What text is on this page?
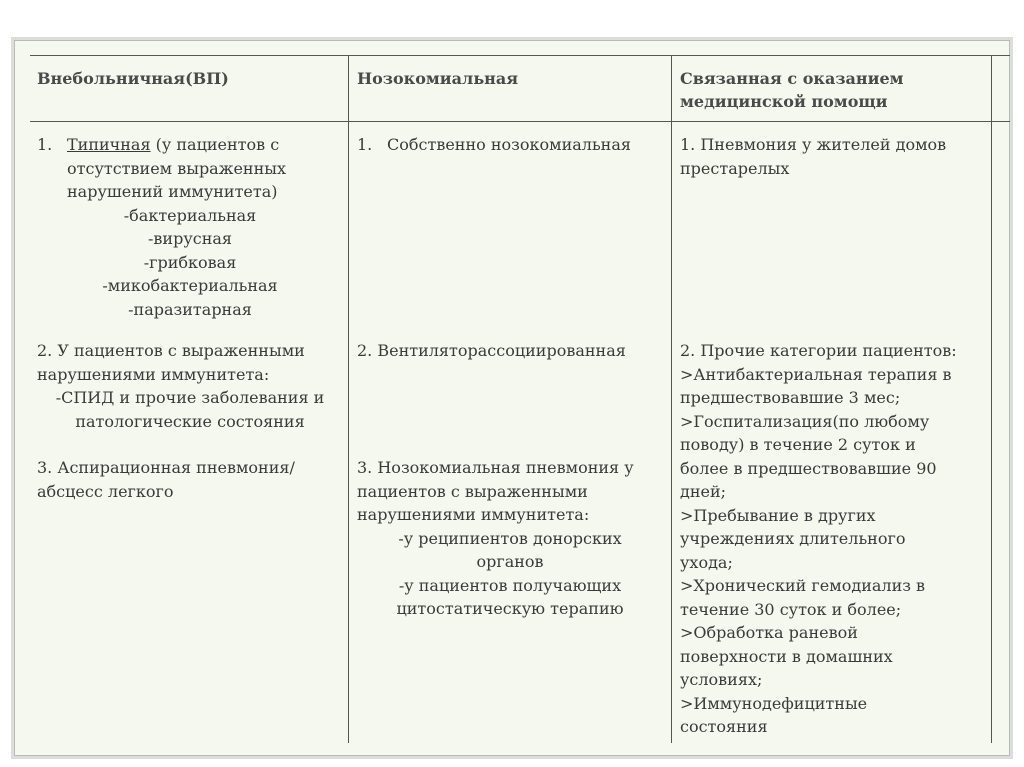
Внебольничная(ВП)	Нозокомиальная	Связанная с оказанием
медицинской помощи
1. Типичная (у пациентов с
отсутствием выраженных
нарушений иммунитета)
-бактериальная
-вирусная
-грибковая
-микобактериальная
-паразитарная
2. У пациентов с выраженными
нарушениями иммунитета:
-СПИД и прочие заболевания и
патологические состояния
3. Аспирационная пневмония/
абсцесс легкого
1. Собственно нозокомиальная
2. Вентиляторассоциированная
3. Нозокомиальная пневмония у
пациентов с выраженными
нарушениями иммунитета:
-у реципиентов донорских
органов
-у пациентов получающих
цитостатическую терапию
1. Пневмония у жителей домов
престарелых
2. Прочие категории пациентов:
>Антибактериальная терапия в
предшествовавшие 3 мес;
>Госпитализация(по любому
поводу) в течение 2 суток и
более в предшествовавшие 90
дней;
>Пребывание в других
учреждениях длительного
ухода;
>Хронический гемодиализ в
течение 30 суток и более;
>Обработка раневой
поверхности в домашних
условиях;
>Иммунодефицитные
состояния
